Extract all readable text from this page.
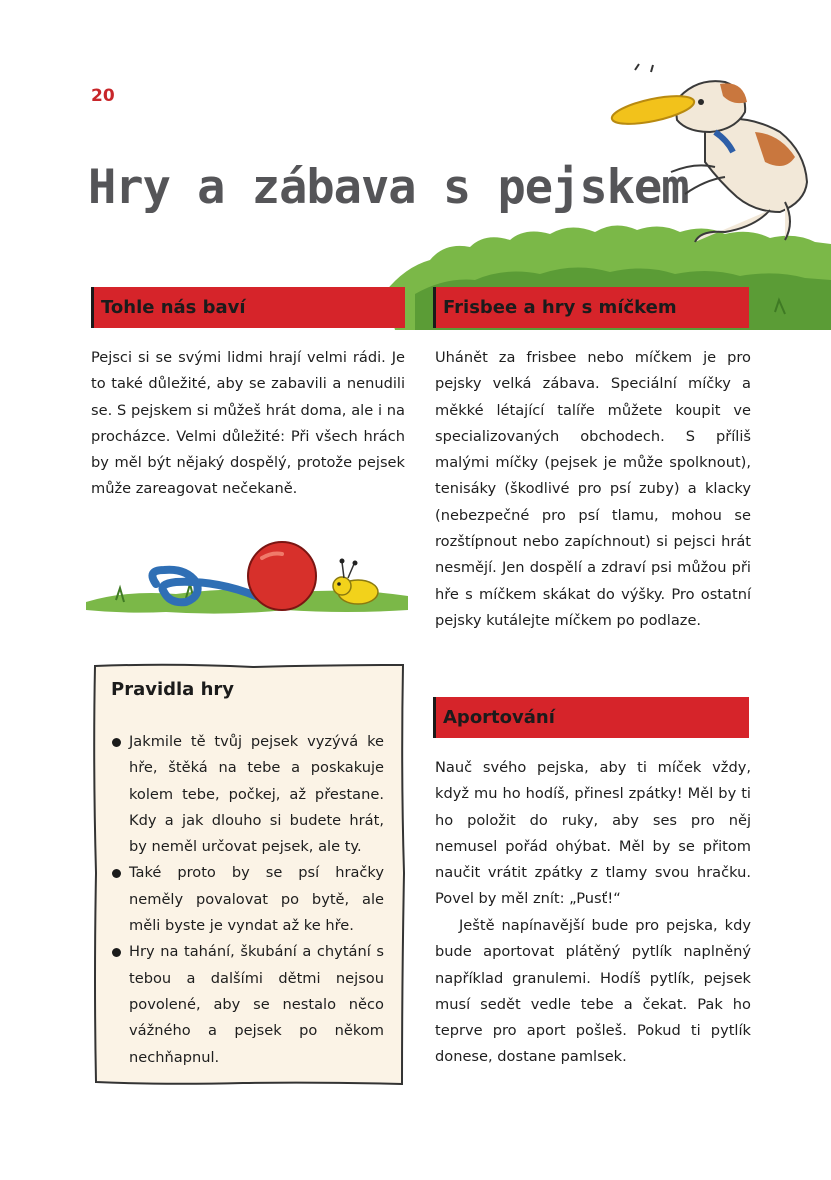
20
Hry a zábava s pejskem
Tohle nás baví

Pejsci si se svými lidmi hrají velmi rádi. Je to také důležité, aby se zabavili a nenudili se. S pejskem si můžeš hrát doma, ale i na procházce. Velmi důležité: Při všech hrách by měl být nějaký dospělý, protože pejsek může zareagovat nečekaně.

Pravidla hry
Jakmile tě tvůj pejsek vyzývá ke hře, štěká na tebe a poskakuje kolem tebe, počkej, až přestane. Kdy a jak dlouho si budete hrát, by neměl určovat pejsek, ale ty.
Také proto by se psí hračky neměly povalovat po bytě, ale měli byste je vyndat až ke hře.
Hry na tahání, škubání a chytání s tebou a dalšími dětmi nejsou povolené, aby se nestalo něco vážného a pejsek po někom nechňapnul.
Frisbee a hry s míčkem

Uhánět za frisbee nebo míčkem je pro pejsky velká zábava. Speciální míčky a měkké létající talíře můžete koupit ve specializovaných obchodech. S příliš malými míčky (pejsek je může spolknout), tenisáky (škodlivé pro psí zuby) a klacky (nebezpečné pro psí tlamu, mohou se rozštípnout nebo zapíchnout) si pejsci hrát nesmějí. Jen dospělí a zdraví psi můžou při hře s míčkem skákat do výšky. Pro ostatní pejsky kutálejte míčkem po podlaze.

Aportování

Nauč svého pejska, aby ti míček vždy, když mu ho hodíš, přinesl zpátky! Měl by ti ho položit do ruky, aby ses pro něj nemusel pořád ohýbat. Měl by se přitom naučit vrátit zpátky z tlamy svou hračku. Povel by měl znít: „Pusť!“

Ještě napínavější bude pro pejska, kdy bude aportovat plátěný pytlík naplněný například granulemi. Hodíš pytlík, pejsek musí sedět vedle tebe a čekat. Pak ho teprve pro aport pošleš. Pokud ti pytlík donese, dostane pamlsek.
